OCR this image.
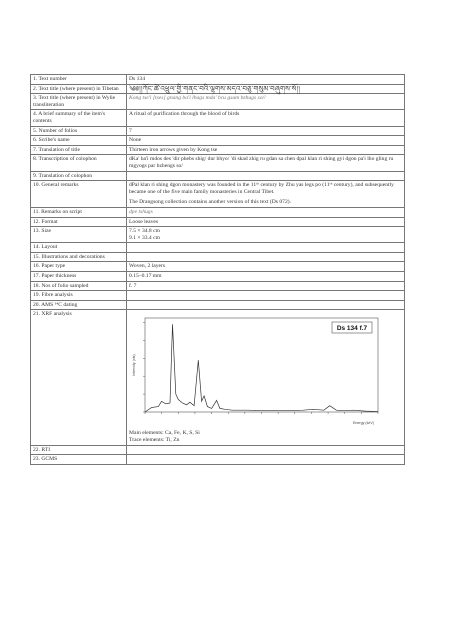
1. Text number	Ds 134

2. Text title (where present) in Tibetan	༄༅།།ཀོང་ཚེ་འཕྲུལ་གྱི་གནང་བའི་ལྷགས་མདའ་བཅུ་གསུམ་བཞུགས་སོ།།

3. Text title (where present) in Wylie transliteration	Kong tse'i [tses] gnang ba'i lhags mda' bcu gsum bzhugs so//

4. A brief summary of the item's contents	A ritual of purification through the blood of birds

5. Number of folios	7

6. Scribe's name	None

7. Translation of title	Thirteen iron arrows given by Kong tse

8. Transcription of colophon	dKa' ba'i mdos des 'dir phebs shig/ dur bhyo/ 'di skad zhig ru gdan sa chen dpal klan ri shing gyi dgon pa'i lho gling ru mgyogs par bzhengs so/

9. Translation of colophon	

10. General remarks	dPal klan ri shing dgon monastery was founded in the 11ᵗʰ century by Zhu yas legs po (11ᵗʰ century), and subsequently became one of the five main family monasteries in Central Tibet.
The Drangsong collection contains another version of this text (Ds 072).

11. Remarks on script	dpe tshugs

12. Format	Loose leaves

13. Size	7.5 × 34.8 cm
9.1 × 33.4 cm

14. Layout	

15. Illustrations and decorations	

16. Paper type	Woven, 2 layers

17. Paper thickness	0.15–0.17 mm

18. Nos of folio sampled	f. 7

19. Fibre analysis	

20. AMS ¹⁴C dating	

21. XRF analysis	Ds 134 f.7
Intensity (cts)
Energy (keV)
Main elements: Ca, Fe, K, S, Si
Trace elements: Ti, Zn

22. RTI	

23. GCMS	
